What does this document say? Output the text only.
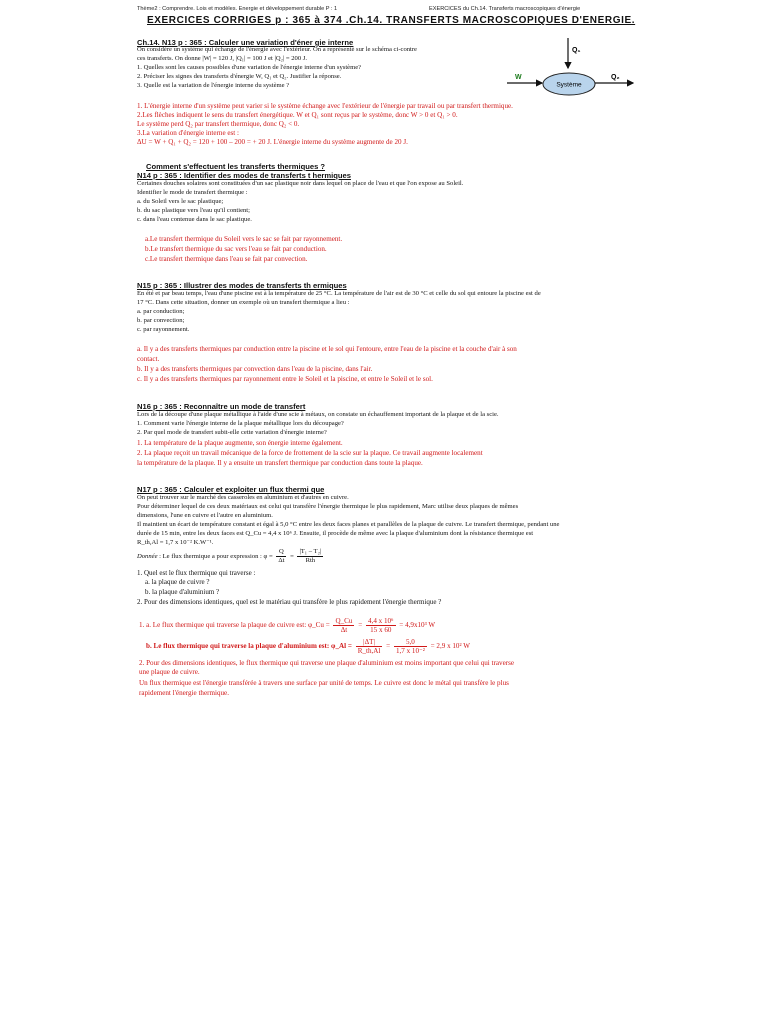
Thème2 : Comprendre. Lois et modèles. Energie et développement durable P : 1	EXERCICES du Ch.14. Transferts macroscopiques d'énergie
EXERCICES CORRIGES p : 365 à 374 .Ch.14. TRANSFERTS MACROSCOPIQUES D'ENERGIE.
Ch.14. N13 p : 365 : Calculer une variation d'éner gie interne
On considère un système qui échange de l'énergie avec l'extérieur. On a représenté sur le schéma ci-contre
ces transferts. On donne |W| = 120 J, |Q₁| = 100 J et |Q₂| = 200 J.
1. Quelles sont les causes possibles d'une variation de l'énergie interne d'un système?
2. Préciser les signes des transferts d'énergie W, Q₁ et Q₂. Justifier la réponse.
3. Quelle est la variation de l'énergie interne du système ?
Q₁
W
Système
Q₂
1. L'énergie interne d'un système peut varier si le système échange avec l'extérieur de l'énergie par travail ou par transfert thermique.
2.Les flèches indiquent le sens du transfert énergétique. W et Q₁ sont reçus par le système, donc W > 0 et Q₁ > 0.
Le système perd Q₂ par transfert thermique, donc Q₂ < 0.
3.La variation d'énergie interne est :
ΔU = W + Q₁ + Q₂ = 120 + 100 – 200 = + 20 J. L'énergie interne du système augmente de 20 J.
Comment s'effectuent les transferts thermiques ?
N14 p : 365 : Identifier des modes de transferts t hermiques
Certaines douches solaires sont constituées d'un sac plastique noir dans lequel on place de l'eau et que l'on expose au Soleil.
Identifier le mode de transfert thermique :
a. du Soleil vers le sac plastique;
b. du sac plastique vers l'eau qu'il contient;
c. dans l'eau contenue dans le sac plastique.
a.Le transfert thermique du Soleil vers le sac se fait par rayonnement.
b.Le transfert thermique du sac vers l'eau se fait par conduction.
c.Le transfert thermique dans l'eau se fait par convection.
N15 p : 365 : Illustrer des modes de transferts th ermiques
En été et par beau temps, l'eau d'une piscine est à la température de 25 °C. La température de l'air est de 30 °C et celle du sol qui entoure la piscine est de
17 °C. Dans cette situation, donner un exemple où un transfert thermique a lieu :
a. par conduction;
b. par convection;
c. par rayonnement.
a. Il y a des transferts thermiques par conduction entre la piscine et le sol qui l'entoure, entre l'eau de la piscine et la couche d'air à son
contact.
b. Il y a des transferts thermiques par convection dans l'eau de la piscine, dans l'air.
c. Il y a des transferts thermiques par rayonnement entre le Soleil et la piscine, et entre le Soleil et le sol.
N16 p : 365 : Reconnaître un mode de transfert
Lors de la découpe d'une plaque métallique à l'aide d'une scie à métaux, on constate un échauffement important de la plaque et de la scie.
1. Comment varie l'énergie interne de la plaque métallique lors du découpage?
2. Par quel mode de transfert subit-elle cette variation d'énergie interne?
1. La température de la plaque augmente, son énergie interne également.
2. La plaque reçoit un travail mécanique de la force de frottement de la scie sur la plaque. Ce travail augmente localement
la température de la plaque. Il y a ensuite un transfert thermique par conduction dans toute la plaque.
N17 p : 365 : Calculer et exploiter un flux thermi que
On peut trouver sur le marché des casseroles en aluminium et d'autres en cuivre.
Pour déterminer lequel de ces deux matériaux est celui qui transfère l'énergie thermique le plus rapidement, Marc utilise deux plaques de mêmes
dimensions, l'une en cuivre et l'autre en aluminium.
Il maintient un écart de température constant et égal à 5,0 °C entre les deux faces planes et parallèles de la plaque de cuivre. Le transfert thermique, pendant une
durée de 15 min, entre les deux faces est Q_Cu = 4,4 x 10⁶ J. Ensuite, il procède de même avec la plaque d'aluminium dont la résistance thermique est
R_th,Al = 1,7 x 10⁻² K.W⁻¹.
Donnée : Le flux thermique a pour expression : $\varphi = \frac{Q}{\Delta t} = \frac{\text{|T₁ – T₂|}}{\text{Rth}}$
1. Quel est le flux thermique qui traverse :
a. la plaque de cuivre ?
b. la plaque d'aluminium ?
2. Pour des dimensions identiques, quel est le matériau qui transfère le plus rapidement l'énergie thermique ?
1. a. Le flux thermique qui traverse la plaque de cuivre est: φ_Cu = $\frac{Q\_Cu}{\Delta t} = \frac{\text{4,4 x 10⁶}}{15 x 60} = 4,9x10^3$ W
b. Le flux thermique qui traverse la plaque d'aluminium est: φ_Al = $\frac{|\Delta T|}{R\_th,Al} = \frac{5,0}{\text{1,7 x 10⁻²}} = 2,9$ x 10² W
2. Pour des dimensions identiques, le flux thermique qui traverse une plaque d'aluminium est moins important que celui qui traverse
une plaque de cuivre.
Un flux thermique est l'énergie transférée à travers une surface par unité de temps. Le cuivre est donc le métal qui transfère le plus
rapidement l'énergie thermique.
